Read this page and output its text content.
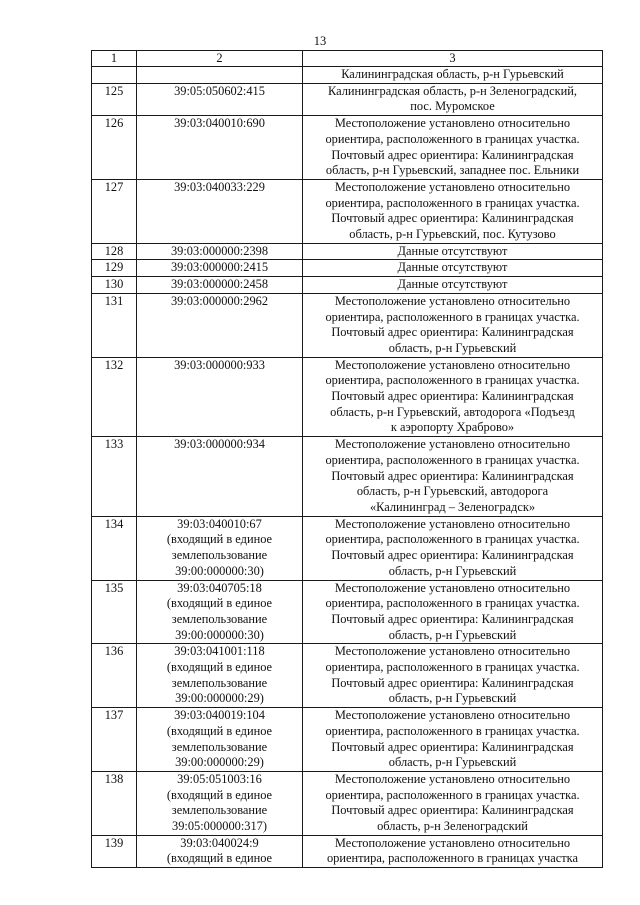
13
1	2	3
		Калининградская область, р-н Гурьевский
125	39:05:050602:415	Калининградская область, р-н Зеленоградский,
пос. Муромское
126	39:03:040010:690	Местоположение установлено относительно
ориентира, расположенного в границах участка.
Почтовый адрес ориентира: Калининградская
область, р-н Гурьевский, западнее пос. Ельники
127	39:03:040033:229	Местоположение установлено относительно
ориентира, расположенного в границах участка.
Почтовый адрес ориентира: Калининградская
область, р-н Гурьевский, пос. Кутузово
128	39:03:000000:2398	Данные отсутствуют
129	39:03:000000:2415	Данные отсутствуют
130	39:03:000000:2458	Данные отсутствуют
131	39:03:000000:2962	Местоположение установлено относительно
ориентира, расположенного в границах участка.
Почтовый адрес ориентира: Калининградская
область, р-н Гурьевский
132	39:03:000000:933	Местоположение установлено относительно
ориентира, расположенного в границах участка.
Почтовый адрес ориентира: Калининградская
область, р-н Гурьевский, автодорога «Подъезд
к аэропорту Храброво»
133	39:03:000000:934	Местоположение установлено относительно
ориентира, расположенного в границах участка.
Почтовый адрес ориентира: Калининградская
область, р-н Гурьевский, автодорога
«Калининград – Зеленоградск»
134	39:03:040010:67
(входящий в единое
землепользование
39:00:000000:30)	Местоположение установлено относительно
ориентира, расположенного в границах участка.
Почтовый адрес ориентира: Калининградская
область, р-н Гурьевский
135	39:03:040705:18
(входящий в единое
землепользование
39:00:000000:30)	Местоположение установлено относительно
ориентира, расположенного в границах участка.
Почтовый адрес ориентира: Калининградская
область, р-н Гурьевский
136	39:03:041001:118
(входящий в единое
землепользование
39:00:000000:29)	Местоположение установлено относительно
ориентира, расположенного в границах участка.
Почтовый адрес ориентира: Калининградская
область, р-н Гурьевский
137	39:03:040019:104
(входящий в единое
землепользование
39:00:000000:29)	Местоположение установлено относительно
ориентира, расположенного в границах участка.
Почтовый адрес ориентира: Калининградская
область, р-н Гурьевский
138	39:05:051003:16
(входящий в единое
землепользование
39:05:000000:317)	Местоположение установлено относительно
ориентира, расположенного в границах участка.
Почтовый адрес ориентира: Калининградская
область, р-н Зеленоградский
139	39:03:040024:9
(входящий в единое	Местоположение установлено относительно
ориентира, расположенного в границах участка
